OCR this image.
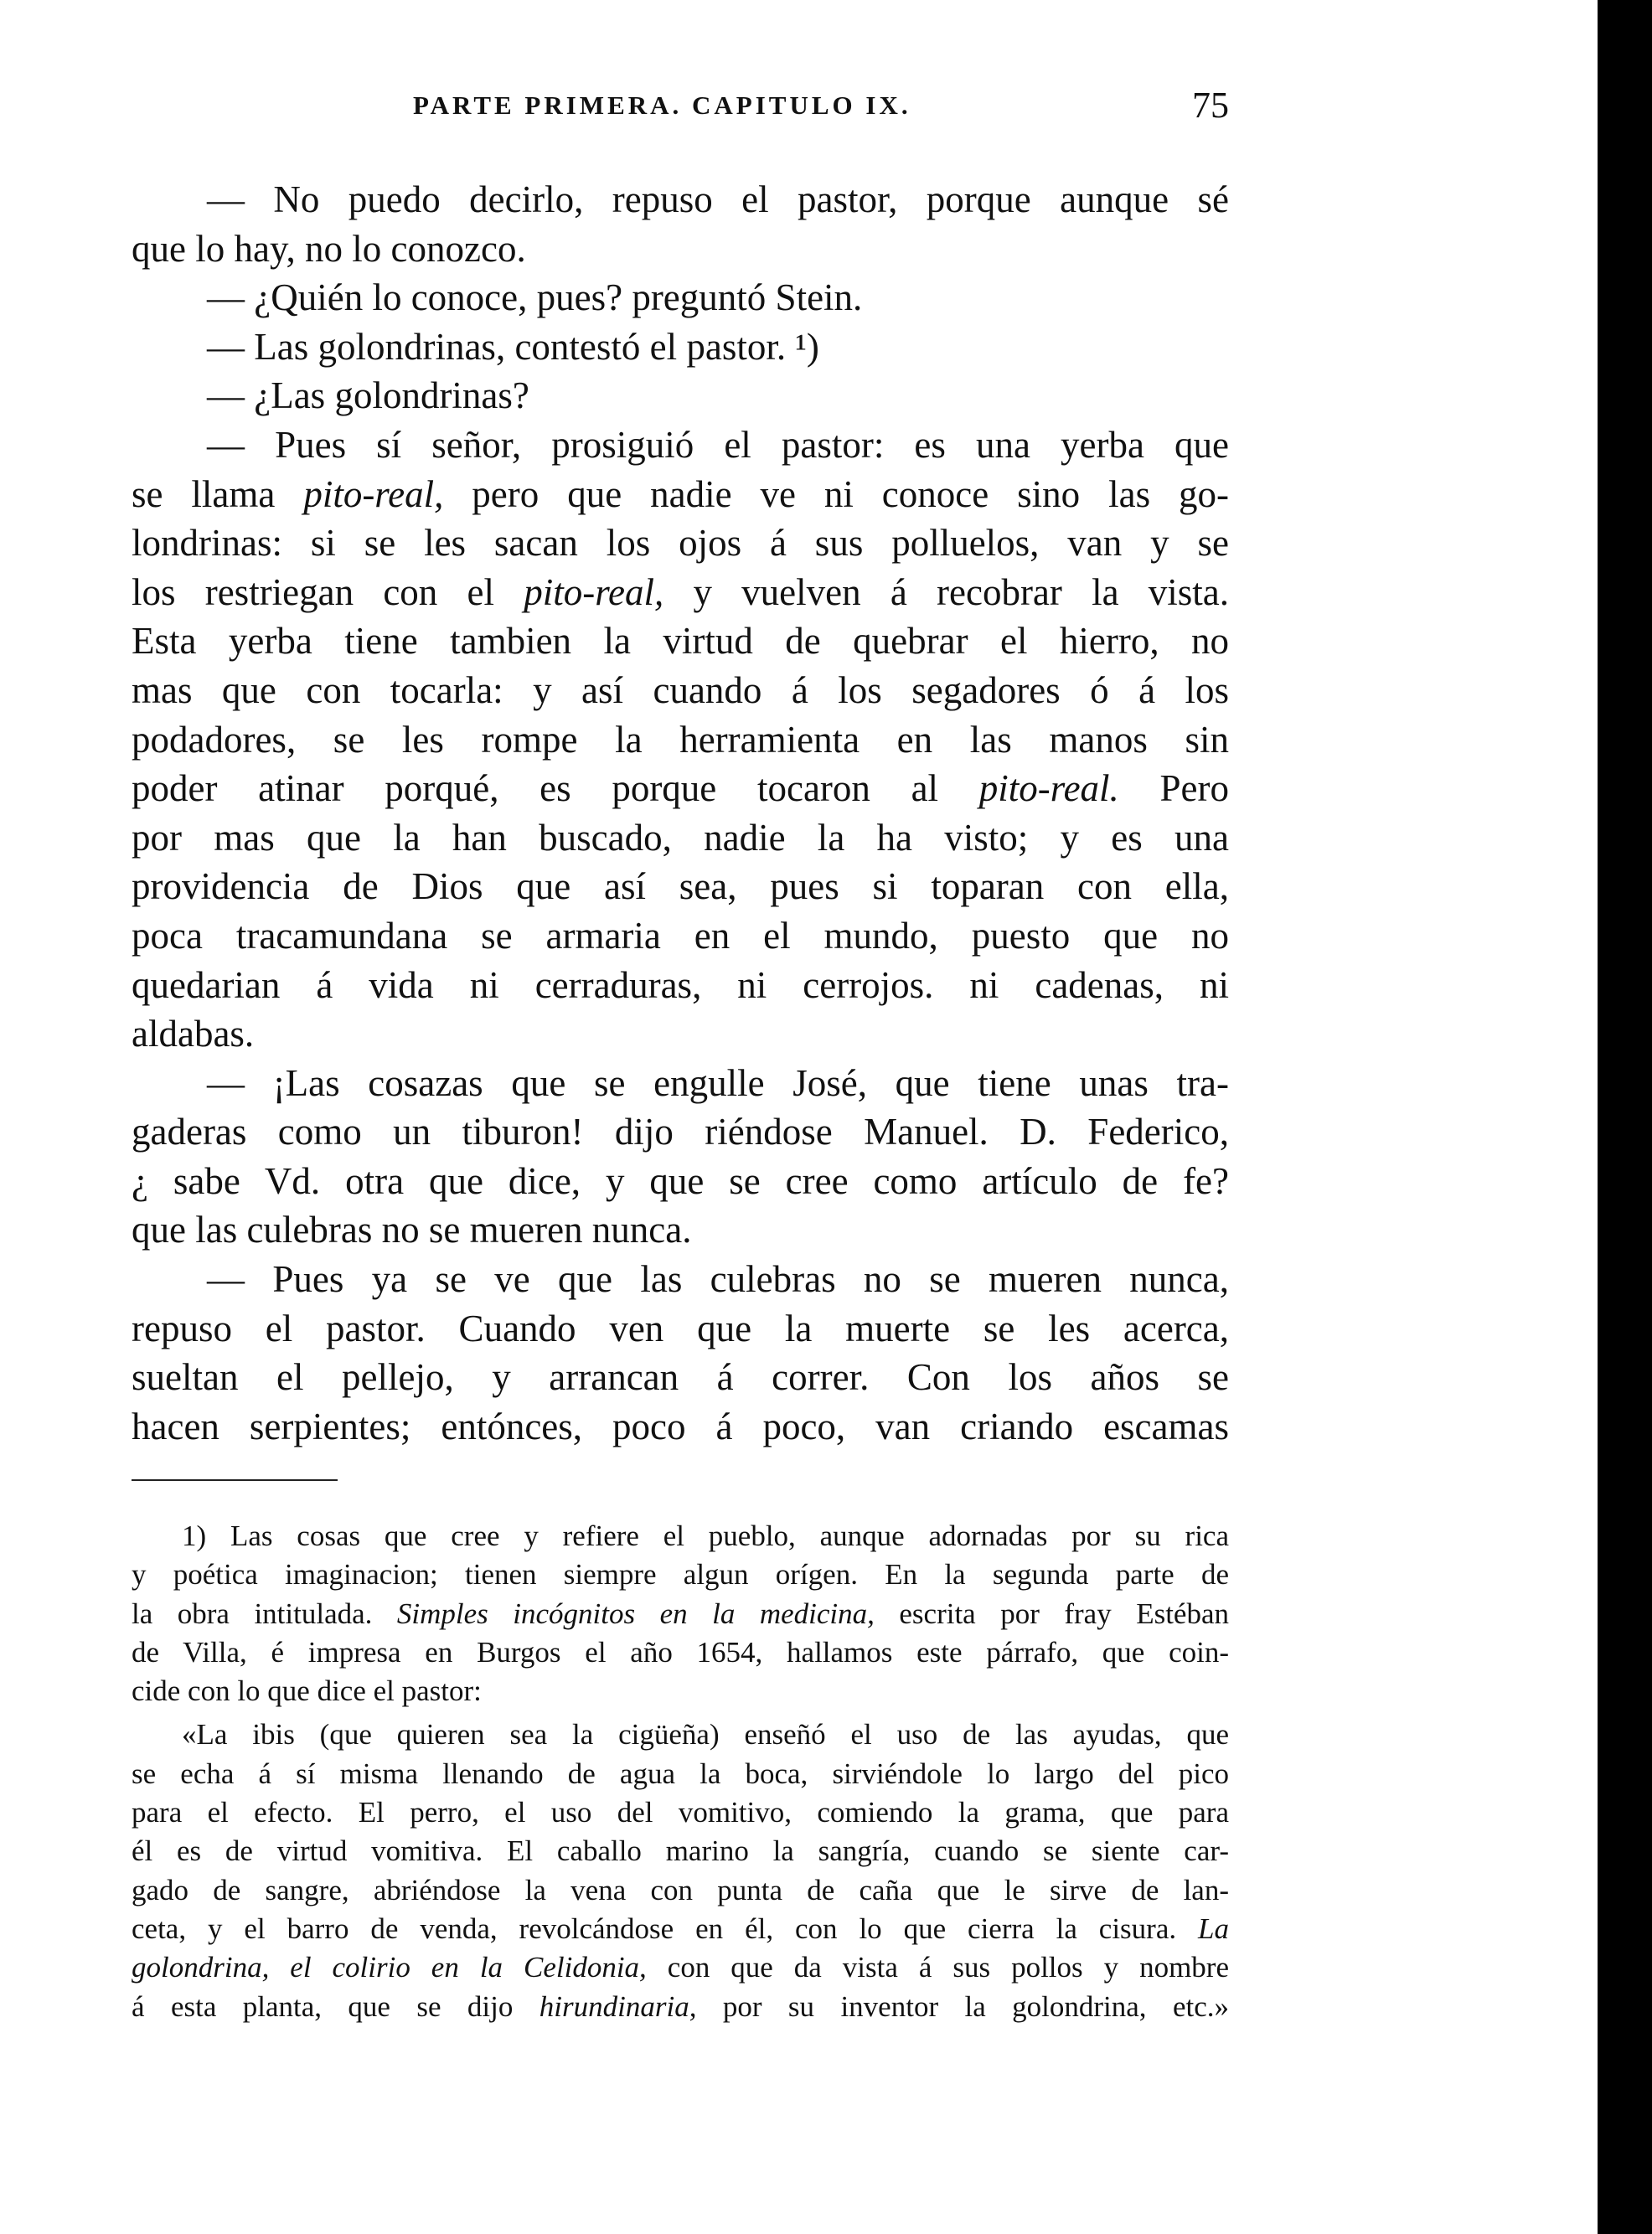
PARTE PRIMERA. CAPITULO IX.	75
— No puedo decirlo, repuso el pastor, porque aunque sé
que lo hay, no lo conozco.
— ¿Quién lo conoce, pues? preguntó Stein.
— Las golondrinas, contestó el pastor. ¹)
— ¿Las golondrinas?
— Pues sí señor, prosiguió el pastor: es una yerba que
se llama pito-real, pero que nadie ve ni conoce sino las go-
londrinas: si se les sacan los ojos á sus polluelos, van y se
los restriegan con el pito-real, y vuelven á recobrar la vista.
Esta yerba tiene tambien la virtud de quebrar el hierro, no
mas que con tocarla: y así cuando á los segadores ó á los
podadores, se les rompe la herramienta en las manos sin
poder atinar porqué, es porque tocaron al pito-real. Pero
por mas que la han buscado, nadie la ha visto; y es una
providencia de Dios que así sea, pues si toparan con ella,
poca tracamundana se armaria en el mundo, puesto que no
quedarian á vida ni cerraduras, ni cerrojos. ni cadenas, ni
aldabas.
— ¡Las cosazas que se engulle José, que tiene unas tra-
gaderas como un tiburon! dijo riéndose Manuel. D. Federico,
¿ sabe Vd. otra que dice, y que se cree como artículo de fe?
que las culebras no se mueren nunca.
— Pues ya se ve que las culebras no se mueren nunca,
repuso el pastor. Cuando ven que la muerte se les acerca,
sueltan el pellejo, y arrancan á correr. Con los años se
hacen serpientes; entónces, poco á poco, van criando escamas
1) Las cosas que cree y refiere el pueblo, aunque adornadas por su rica
y poética imaginacion; tienen siempre algun orígen. En la segunda parte de
la obra intitulada. Simples incógnitos en la medicina, escrita por fray Estéban
de Villa, é impresa en Burgos el año 1654, hallamos este párrafo, que coin-
cide con lo que dice el pastor:
«La ibis (que quieren sea la cigüeña) enseñó el uso de las ayudas, que
se echa á sí misma llenando de agua la boca, sirviéndole lo largo del pico
para el efecto. El perro, el uso del vomitivo, comiendo la grama, que para
él es de virtud vomitiva. El caballo marino la sangría, cuando se siente car-
gado de sangre, abriéndose la vena con punta de caña que le sirve de lan-
ceta, y el barro de venda, revolcándose en él, con lo que cierra la cisura. La
golondrina, el colirio en la Celidonia, con que da vista á sus pollos y nombre
á esta planta, que se dijo hirundinaria, por su inventor la golondrina, etc.»
